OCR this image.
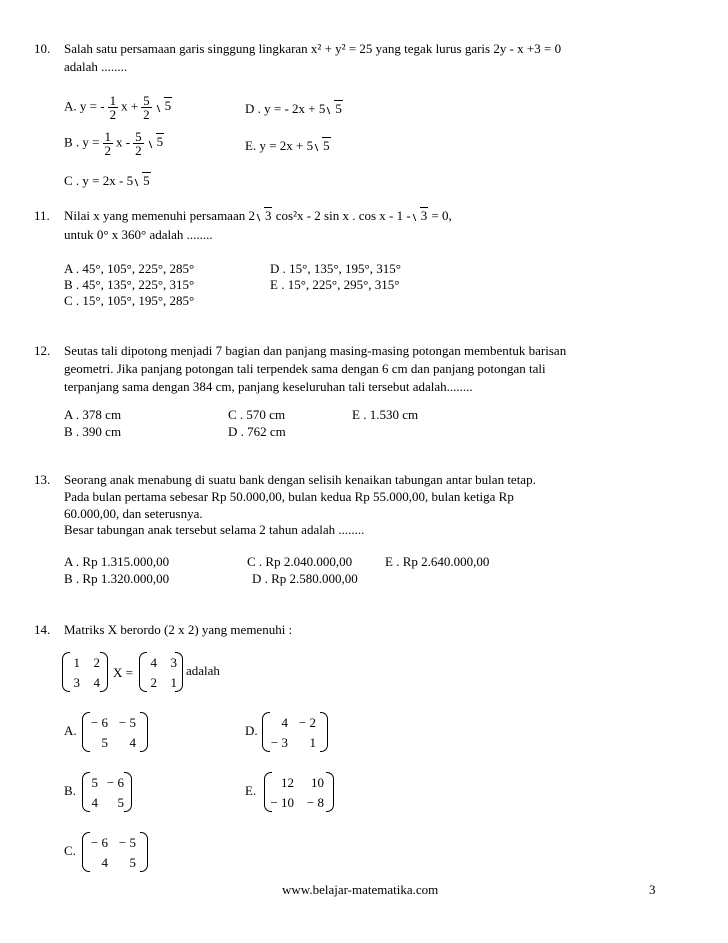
10. Salah satu persamaan garis singgung lingkaran x² + y² = 25 yang tegak lurus garis 2y - x +3 = 0
adalah ........
A. y = - $\frac{1}{2}$ $x + \frac{5}{2} 5$
B . $y = \frac{1}{2}$ x - $\frac{5}{2} 5$
C . y = 2x - 5 5
D . y = - 2x + 5 5
E. y = 2x + 5 5
11. Nilai x yang memenuhi persamaan 2 3 cos²x - 2 sin x . cos x - 1 - 3 = 0,
untuk 0° x 360° adalah ........
A . 45°, 105°, 225°, 285°
B . 45°, 135°, 225°, 315°
C . 15°, 105°, 195°, 285°
D . 15°, 135°, 195°, 315°
E . 15°, 225°, 295°, 315°
12. Seutas tali dipotong menjadi 7 bagian dan panjang masing-masing potongan membentuk barisan
geometri. Jika panjang potongan tali terpendek sama dengan 6 cm dan panjang potongan tali
terpanjang sama dengan 384 cm, panjang keseluruhan tali tersebut adalah........
A . 378 cm
B . 390 cm
C . 570 cm
D . 762 cm
E . 1.530 cm
13. Seorang anak menabung di suatu bank dengan selisih kenaikan tabungan antar bulan tetap.
Pada bulan pertama sebesar Rp 50.000,00, bulan kedua Rp 55.000,00, bulan ketiga Rp
60.000,00, dan seterusnya.
Besar tabungan anak tersebut selama 2 tahun adalah ........
A . Rp 1.315.000,00
B . Rp 1.320.000,00
C . Rp 2.040.000,00
D . Rp 2.580.000,00
E . Rp 2.640.000,00
14. Matriks X berordo (2 x 2) yang memenuhi :
1	2
3	4
X =
4	3
2	1
adalah
A.
− 6 − 5
5	4
D.
4 − 2
− 3	1
B.
5 − 6
4	5
E.
12	10
− 10 − 8
C.
− 6 − 5
4	5
www.belajar-matematika.com	3
